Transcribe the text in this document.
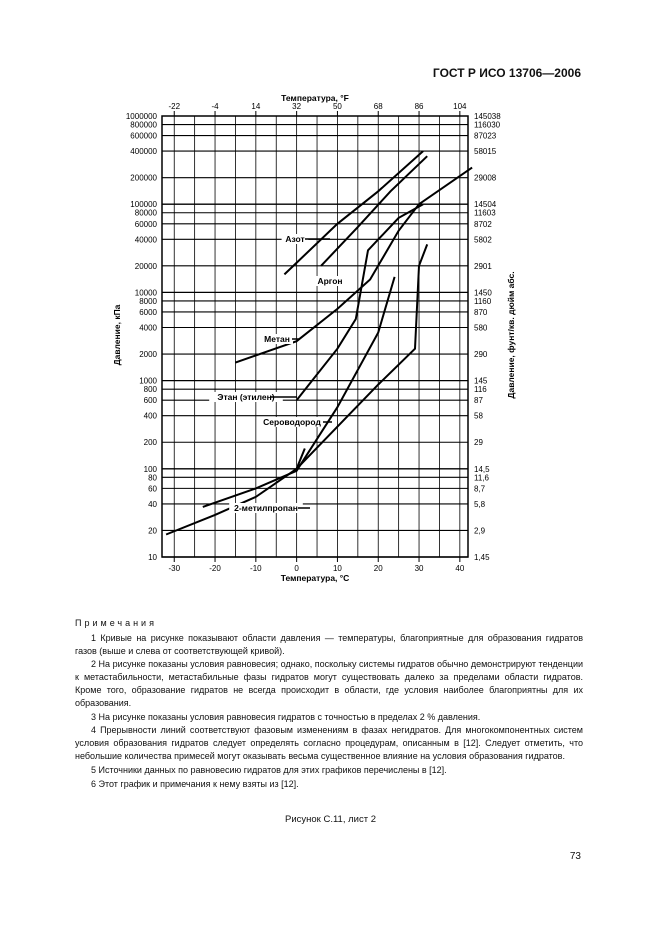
ГОСТ Р ИСО 13706—2006
-30	-20	-10	0	10	20	30	40
-22	-4	14	32	50	68	86	104
1000000
800000
600000
400000
200000
100000
80000
60000
40000
20000
10000
8000
6000
4000
2000
1000
800
600
400
200
100
80
60
40
20
10
145038
116030
87023
58015
29008
14504
11603
8702
5802
2901
1450
1160
870
580
290
145
116
87
58
29
14,5
11,6
8,7
5,8
2,9
1,45
Азот
Аргон
Метан
Этан (этилен)
Сероводород
2-метилпропан
Температура, °F
Температура, °C
Давление, кПа	Давление, фунт/кв. дюйм абс.

Примечания

1 Кривые на рисунке показывают области давления — температуры, благоприятные для образования гидратов газов (выше и слева от соответствующей кривой).

2 На рисунке показаны условия равновесия; однако, поскольку системы гидратов обычно демонстрируют тенденции к метастабильности, метастабильные фазы гидратов могут существовать далеко за пределами области гидратов. Кроме того, образование гидратов не всегда происходит в области, где условия наиболее благоприятны для их образования.

3 На рисунке показаны условия равновесия гидратов с точностью в пределах 2 % давления.

4 Прерывности линий соответствуют фазовым изменениям в фазах негидратов. Для многокомпонентных систем условия образования гидратов следует определять согласно процедурам, описанным в [12]. Следует отметить, что небольшие количества примесей могут оказывать весьма существенное влияние на условия образования гидратов.

5 Источники данных по равновесию гидратов для этих графиков перечислены в [12].

6 Этот график и примечания к нему взяты из [12].

Рисунок С.11, лист 2
73
